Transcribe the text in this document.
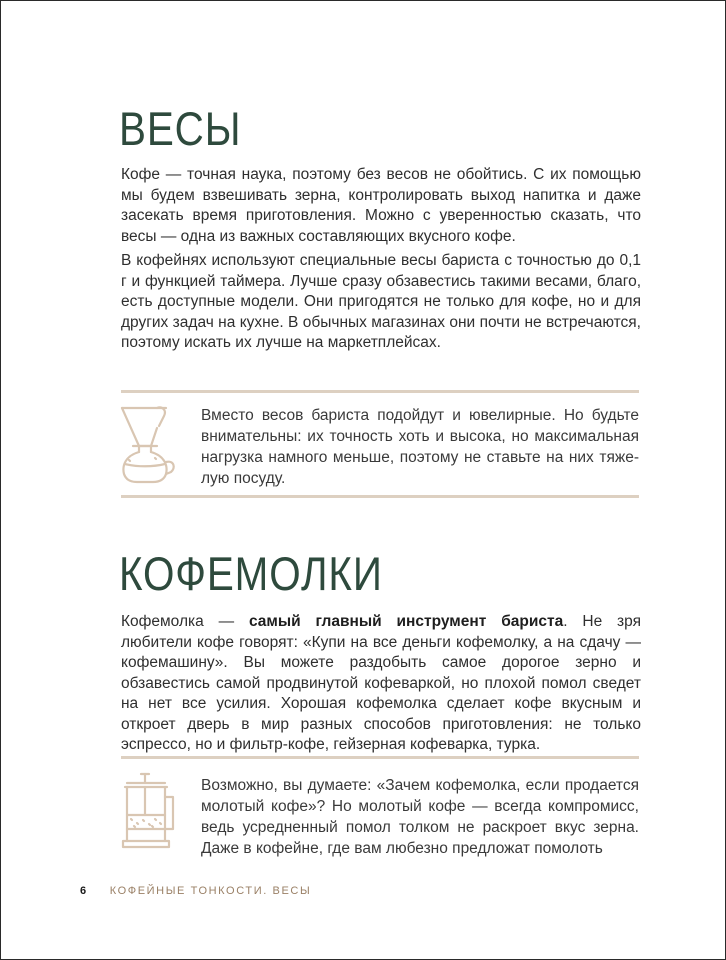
ВЕСЫ

Кофе — точная наука, поэтому без весов не обойтись. С их помощью мы будем взвешивать зерна, контролировать выход напитка и даже засекать время приготовления. Можно с уверенностью сказать, что весы — одна из важных составляющих вкусного кофе.

В кофейнях используют специальные весы бариста с точностью до 0,1 г и функцией таймера. Лучше сразу обзавестись такими весами, благо, есть доступные модели. Они пригодятся не только для кофе, но и для других задач на кухне. В обычных магазинах они почти не встречаются, поэтому искать их лучше на маркетплейсах.

Вместо весов бариста подойдут и ювелирные. Но будьте внимательны: их точность хоть и высока, но максимальная нагрузка намного меньше, поэтому не ставьте на них тяжелую посуду.

КОФЕМОЛКИ

Кофемолка — самый главный инструмент бариста. Не зря любители кофе говорят: «Купи на все деньги кофемолку, а на сдачу — кофемашину». Вы можете раздобыть самое дорогое зерно и обзавестись самой продвинутой кофеваркой, но плохой помол сведет на нет все усилия. Хорошая кофемолка сделает кофе вкусным и откроет дверь в мир разных способов приготовления: не только эспрессо, но и фильтр-кофе, гейзерная кофеварка, турка.

Возможно, вы думаете: «Зачем кофемолка, если продается молотый кофе»? Но молотый кофе — всегда компромисс, ведь усредненный помол толком не раскроет вкус зерна. Даже в кофейне, где вам любезно предложат помолоть

6 КОФЕЙНЫЕ ТОНКОСТИ. ВЕСЫ
